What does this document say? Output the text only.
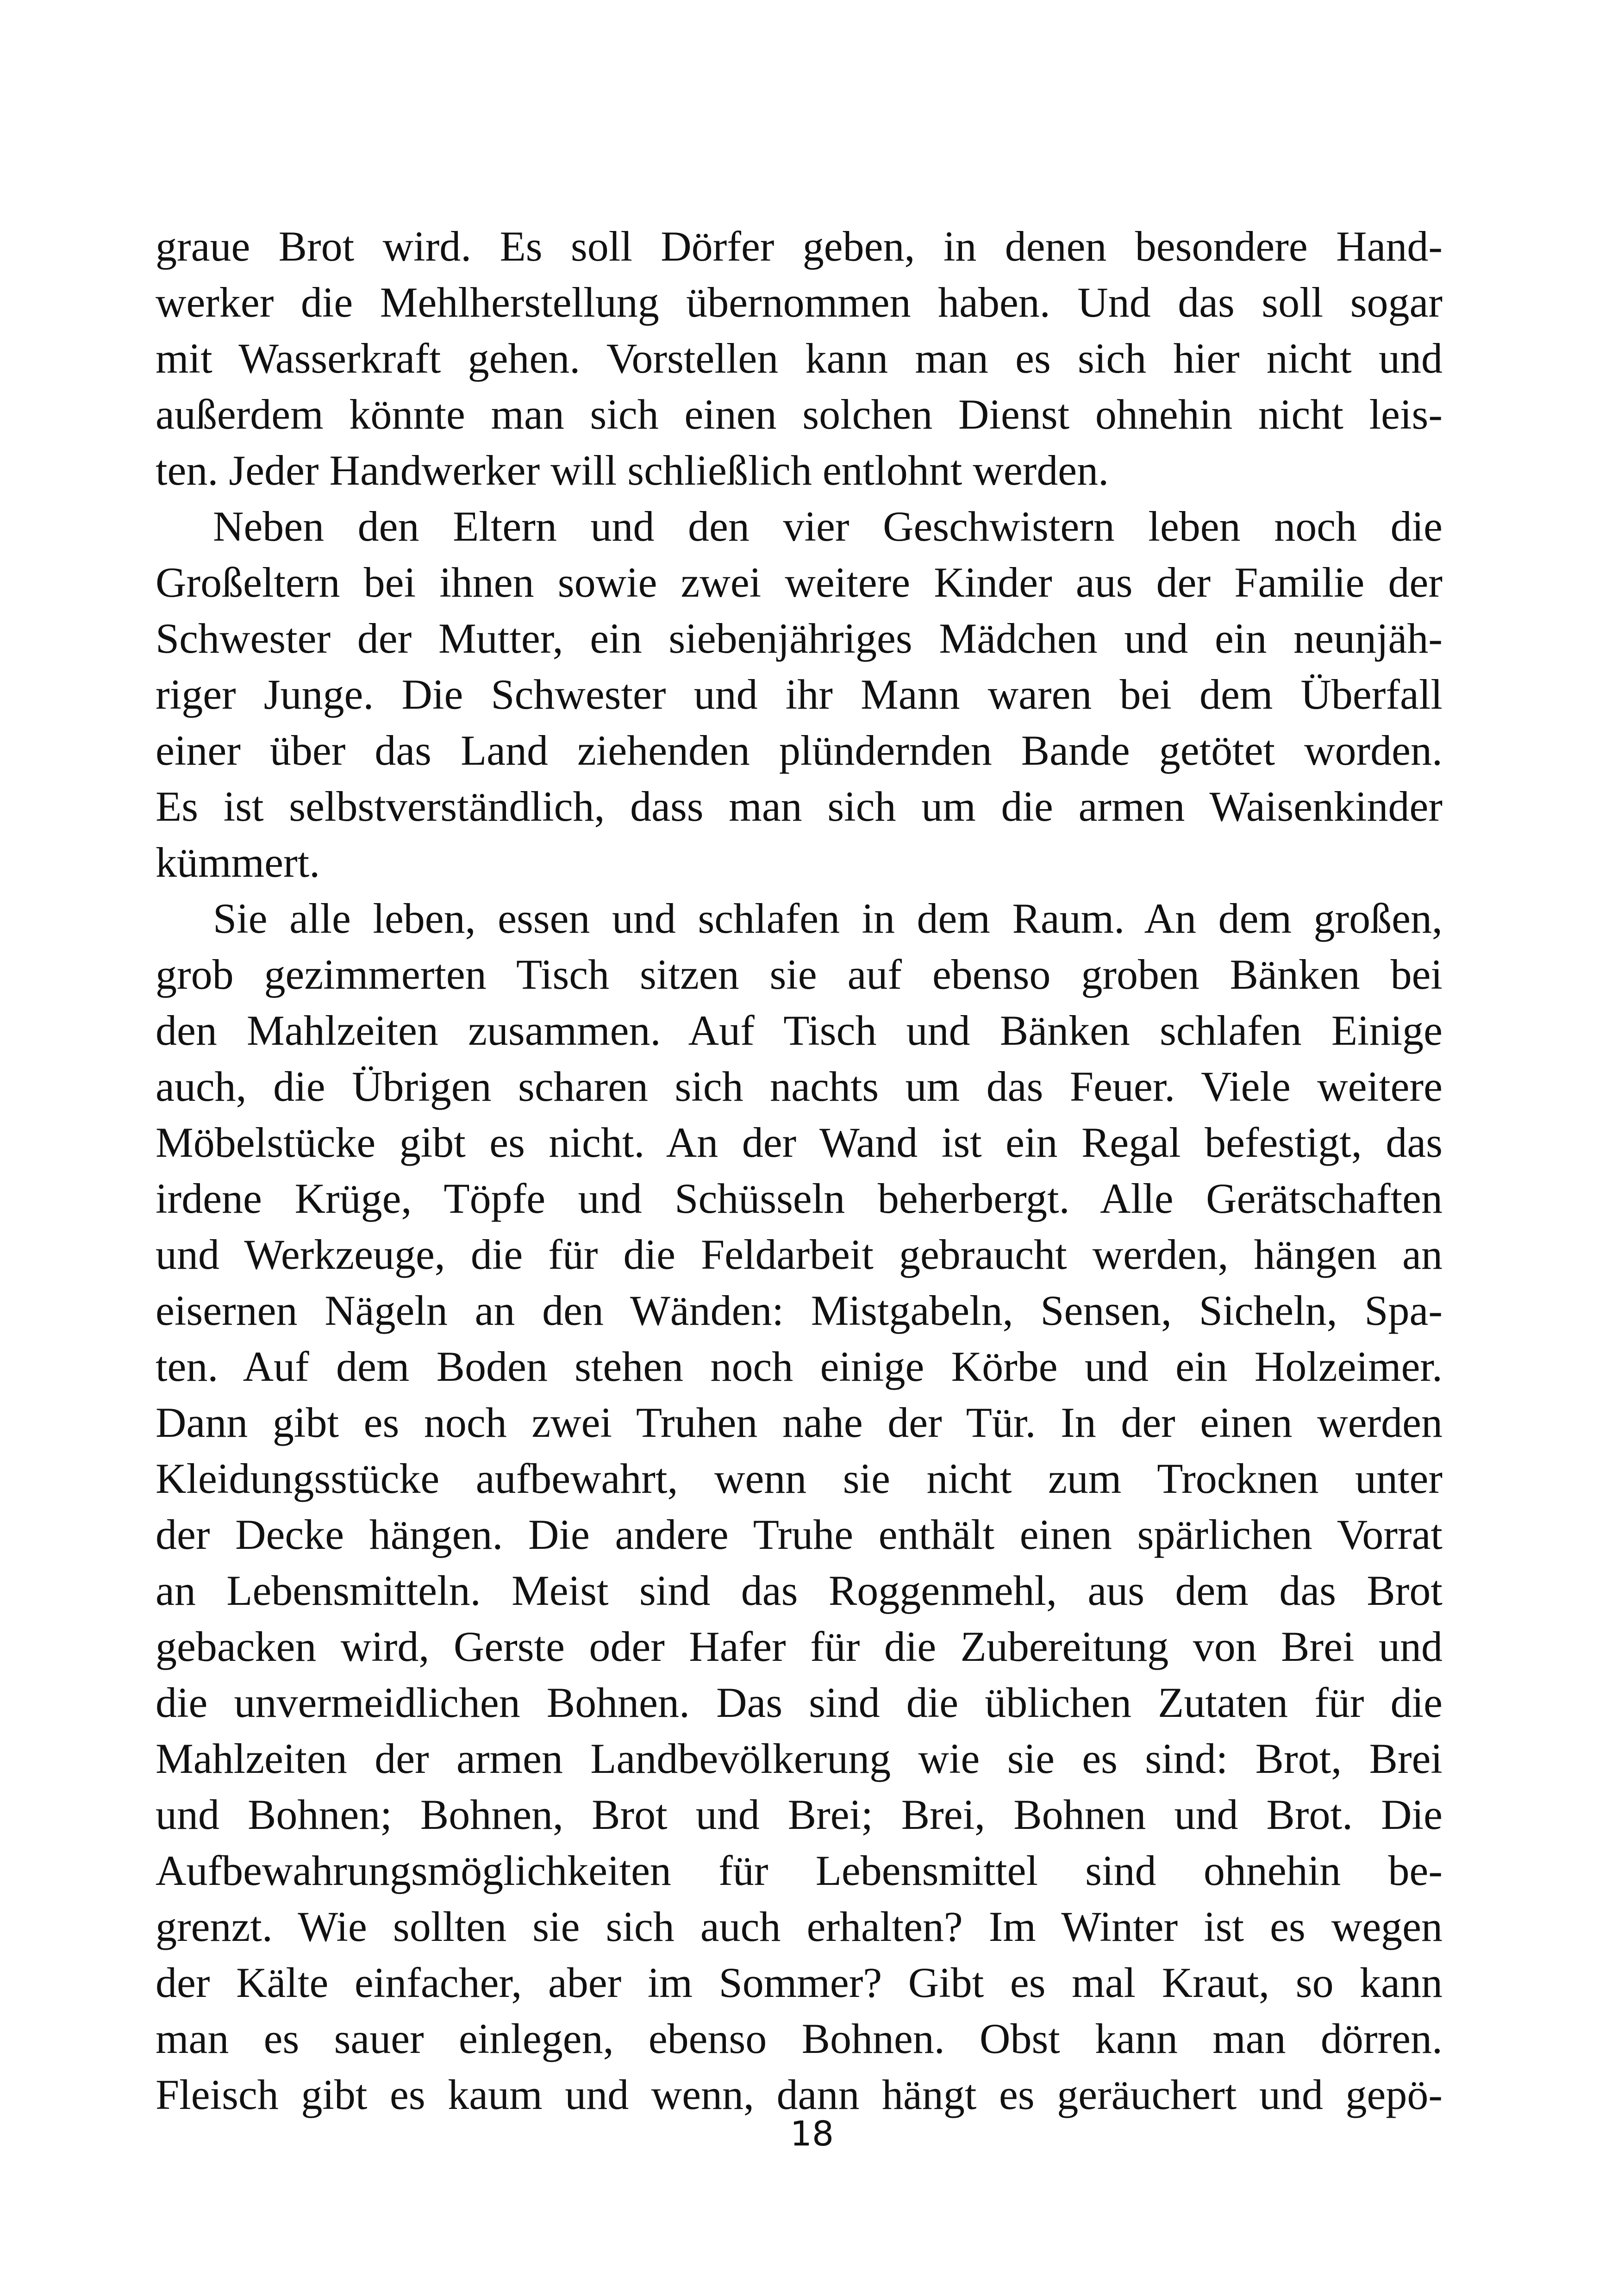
graue Brot wird. Es soll Dörfer geben, in denen besondere Hand-
werker die Mehlherstellung übernommen haben. Und das soll sogar
mit Wasserkraft gehen. Vorstellen kann man es sich hier nicht und
außerdem könnte man sich einen solchen Dienst ohnehin nicht leis-
ten. Jeder Handwerker will schließlich entlohnt werden.
Neben den Eltern und den vier Geschwistern leben noch die
Großeltern bei ihnen sowie zwei weitere Kinder aus der Familie der
Schwester der Mutter, ein siebenjähriges Mädchen und ein neunjäh-
riger Junge. Die Schwester und ihr Mann waren bei dem Überfall
einer über das Land ziehenden plündernden Bande getötet worden.
Es ist selbstverständlich, dass man sich um die armen Waisenkinder
kümmert.
Sie alle leben, essen und schlafen in dem Raum. An dem großen,
grob gezimmerten Tisch sitzen sie auf ebenso groben Bänken bei
den Mahlzeiten zusammen. Auf Tisch und Bänken schlafen Einige
auch, die Übrigen scharen sich nachts um das Feuer. Viele weitere
Möbelstücke gibt es nicht. An der Wand ist ein Regal befestigt, das
irdene Krüge, Töpfe und Schüsseln beherbergt. Alle Gerätschaften
und Werkzeuge, die für die Feldarbeit gebraucht werden, hängen an
eisernen Nägeln an den Wänden: Mistgabeln, Sensen, Sicheln, Spa-
ten. Auf dem Boden stehen noch einige Körbe und ein Holzeimer.
Dann gibt es noch zwei Truhen nahe der Tür. In der einen werden
Kleidungsstücke aufbewahrt, wenn sie nicht zum Trocknen unter
der Decke hängen. Die andere Truhe enthält einen spärlichen Vorrat
an Lebensmitteln. Meist sind das Roggenmehl, aus dem das Brot
gebacken wird, Gerste oder Hafer für die Zubereitung von Brei und
die unvermeidlichen Bohnen. Das sind die üblichen Zutaten für die
Mahlzeiten der armen Landbevölkerung wie sie es sind: Brot, Brei
und Bohnen; Bohnen, Brot und Brei; Brei, Bohnen und Brot. Die
Aufbewahrungsmöglichkeiten für Lebensmittel sind ohnehin be-
grenzt. Wie sollten sie sich auch erhalten? Im Winter ist es wegen
der Kälte einfacher, aber im Sommer? Gibt es mal Kraut, so kann
man es sauer einlegen, ebenso Bohnen. Obst kann man dörren.
Fleisch gibt es kaum und wenn, dann hängt es geräuchert und gepö-
18
